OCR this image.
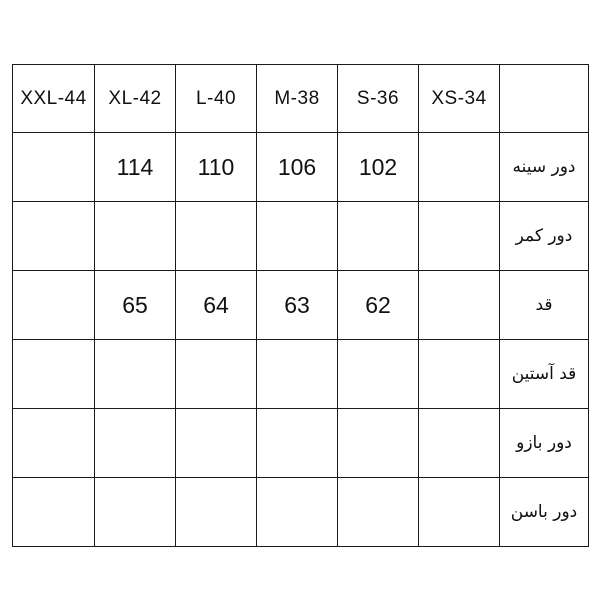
XXL-44	XL-42	L-40	M-38	S-36	XS-34	
	114	110	106	102		دور سینه
						دور کمر
	65	64	63	62		قد
						قد آستین
						دور بازو
						دور باسن
